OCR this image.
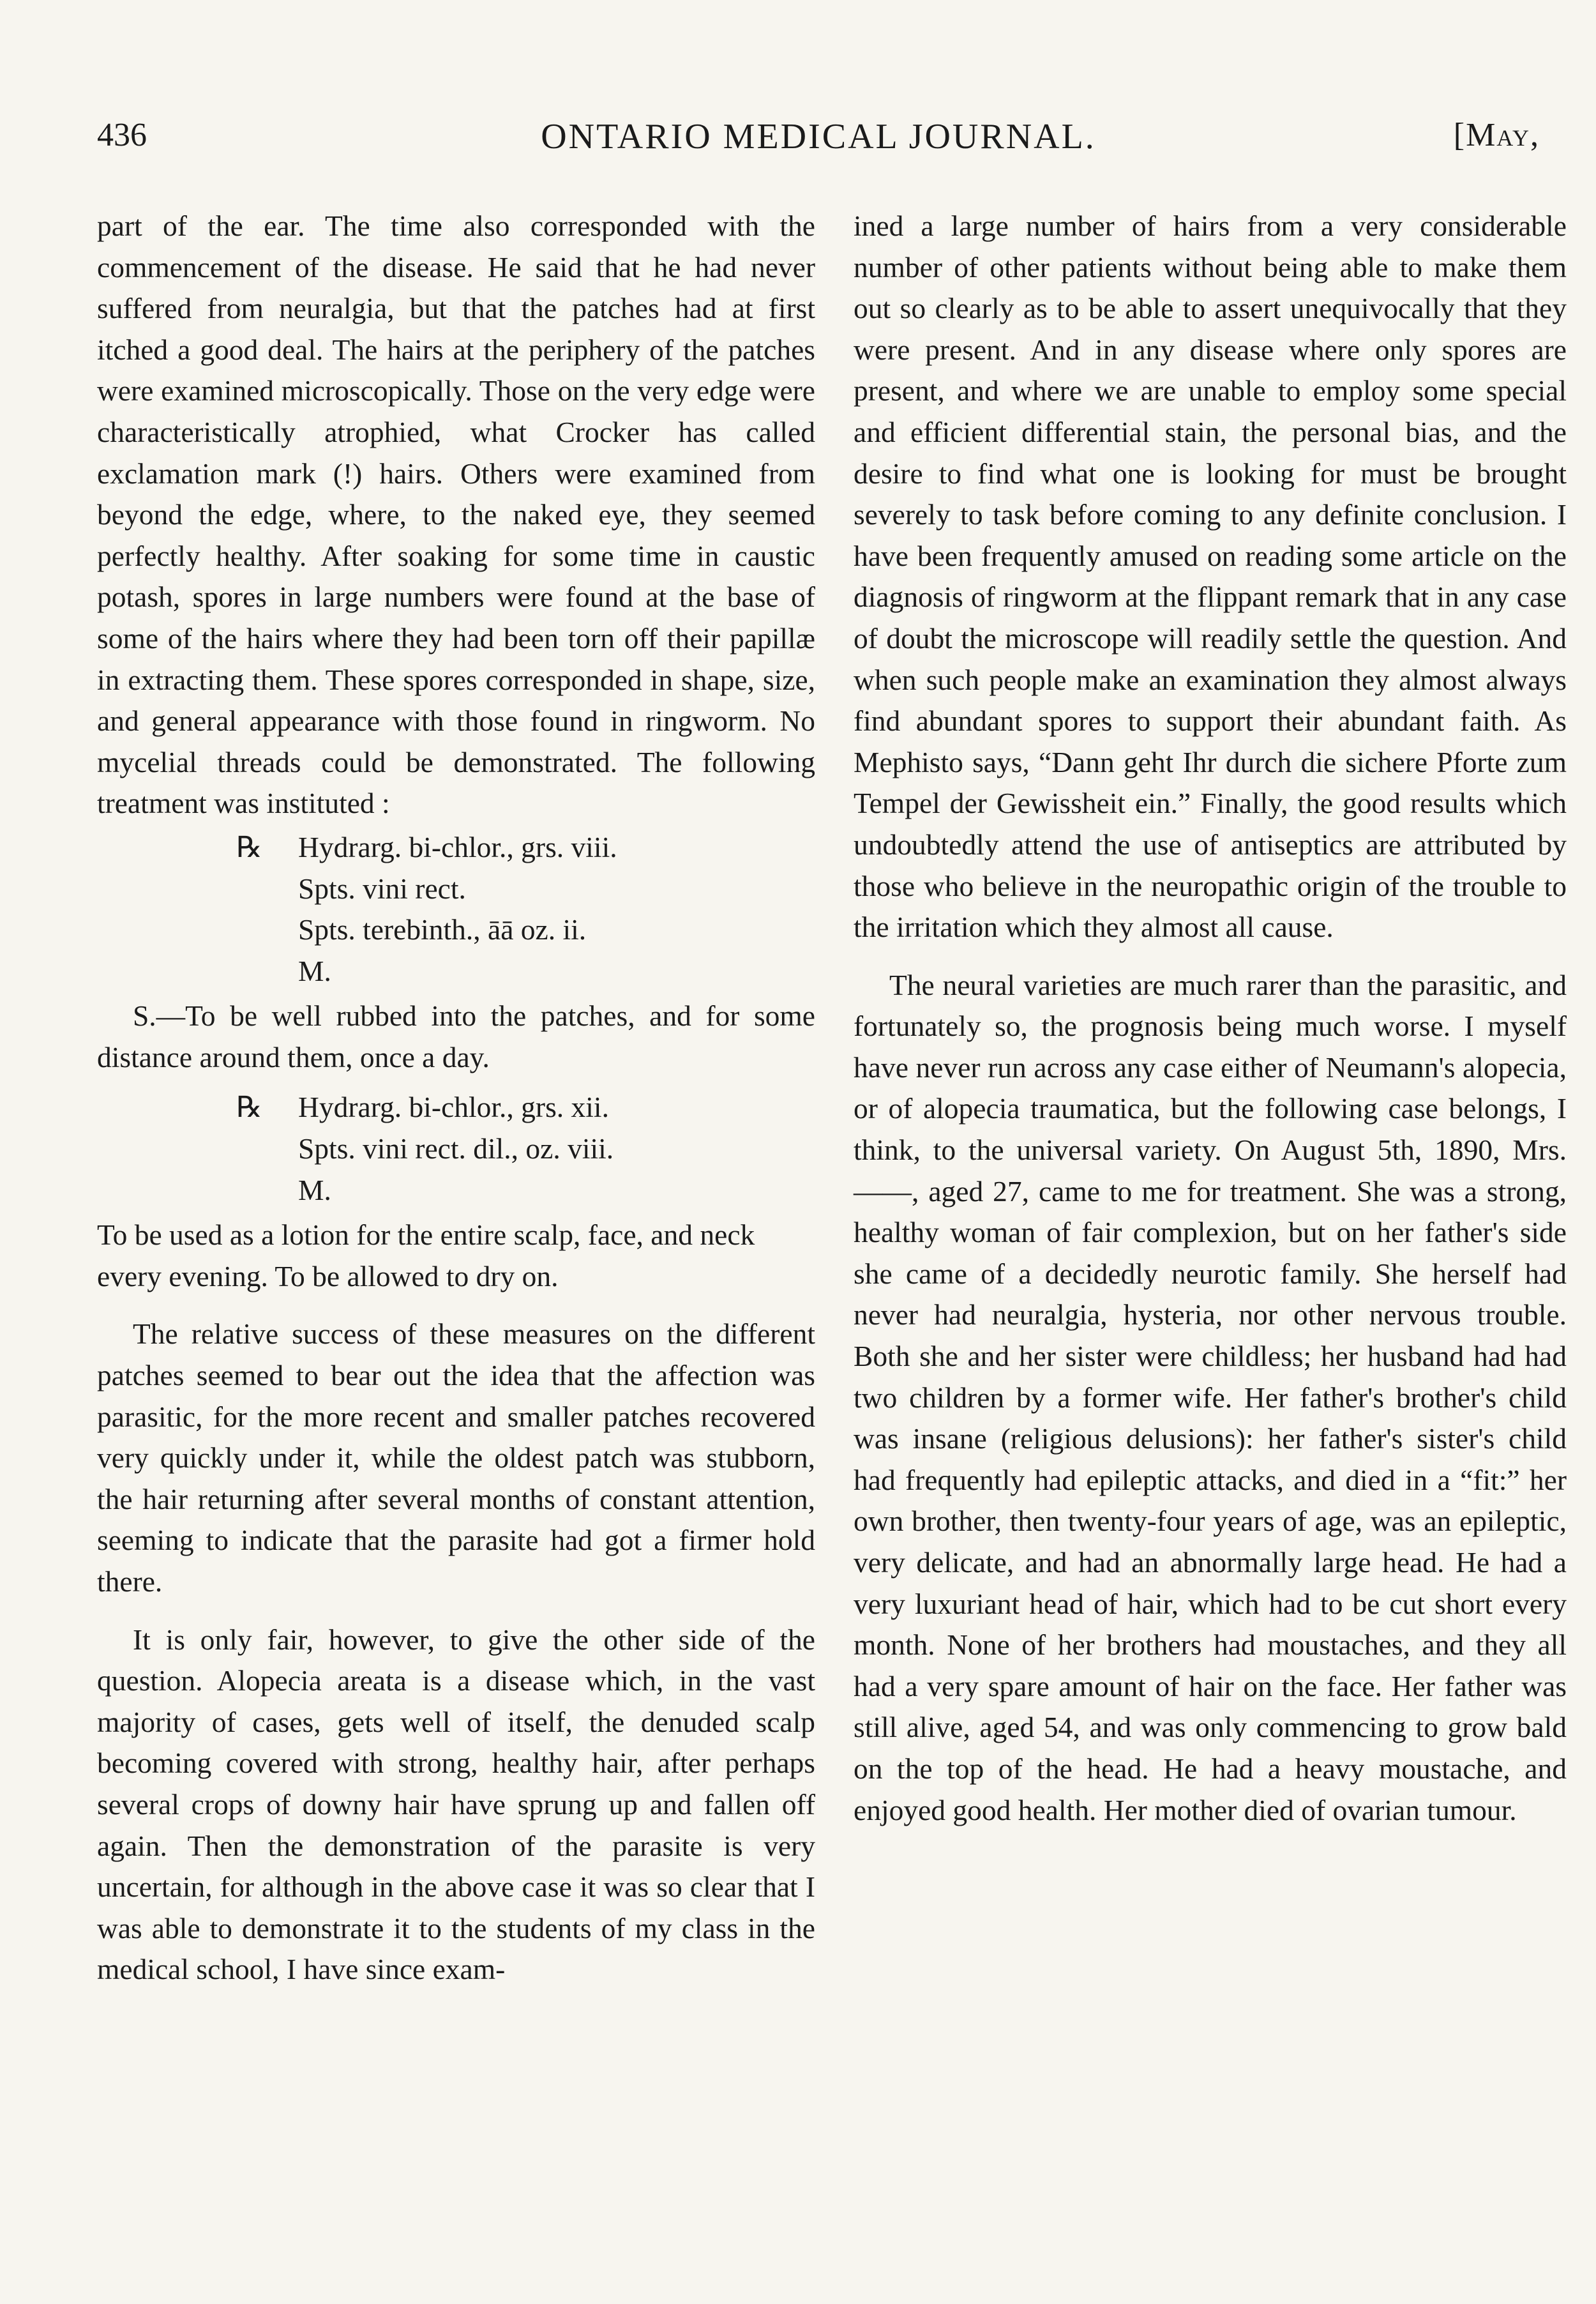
436	ONTARIO MEDICAL JOURNAL.	[May,

part of the ear. The time also corresponded with the commencement of the disease. He said that he had never suffered from neuralgia, but that the patches had at first itched a good deal. The hairs at the periphery of the patches were examined microscopically. Those on the very edge were characteristically atrophied, what Crocker has called exclamation mark (!) hairs. Others were examined from beyond the edge, where, to the naked eye, they seemed perfectly healthy. After soaking for some time in caustic potash, spores in large numbers were found at the base of some of the hairs where they had been torn off their papillæ in extracting them. These spores corresponded in shape, size, and general appearance with those found in ringworm. No mycelial threads could be demonstrated. The following treatment was instituted :

℞ Hydrarg. bi-chlor., grs. viii.
Spts. vini rect.
Spts. terebinth., āā oz. ii.
M.

S.—To be well rubbed into the patches, and for some distance around them, once a day.

℞ Hydrarg. bi-chlor., grs. xii.
Spts. vini rect. dil., oz. viii.
M.

To be used as a lotion for the entire scalp, face, and neck every evening. To be allowed to dry on.

The relative success of these measures on the different patches seemed to bear out the idea that the affection was parasitic, for the more recent and smaller patches recovered very quickly under it, while the oldest patch was stubborn, the hair returning after several months of constant attention, seeming to indicate that the parasite had got a firmer hold there.

It is only fair, however, to give the other side of the question. Alopecia areata is a disease which, in the vast majority of cases, gets well of itself, the denuded scalp becoming covered with strong, healthy hair, after perhaps several crops of downy hair have sprung up and fallen off again. Then the demonstration of the parasite is very uncertain, for although in the above case it was so clear that I was able to demonstrate it to the students of my class in the medical school, I have since exam-

ined a large number of hairs from a very considerable number of other patients without being able to make them out so clearly as to be able to assert unequivocally that they were present. And in any disease where only spores are present, and where we are unable to employ some special and efficient differential stain, the personal bias, and the desire to find what one is looking for must be brought severely to task before coming to any definite conclusion. I have been frequently amused on reading some article on the diagnosis of ringworm at the flippant remark that in any case of doubt the microscope will readily settle the question. And when such people make an examination they almost always find abundant spores to support their abundant faith. As Mephisto says, “Dann geht Ihr durch die sichere Pforte zum Tempel der Gewissheit ein.” Finally, the good results which undoubtedly attend the use of antiseptics are attributed by those who believe in the neuropathic origin of the trouble to the irritation which they almost all cause.

The neural varieties are much rarer than the parasitic, and fortunately so, the prognosis being much worse. I myself have never run across any case either of Neumann's alopecia, or of alopecia traumatica, but the following case belongs, I think, to the universal variety. On August 5th, 1890, Mrs. ——, aged 27, came to me for treatment. She was a strong, healthy woman of fair complexion, but on her father's side she came of a decidedly neurotic family. She herself had never had neuralgia, hysteria, nor other nervous trouble. Both she and her sister were childless; her husband had had two children by a former wife. Her father's brother's child was insane (religious delusions): her father's sister's child had frequently had epileptic attacks, and died in a “fit:” her own brother, then twenty-four years of age, was an epileptic, very delicate, and had an abnormally large head. He had a very luxuriant head of hair, which had to be cut short every month. None of her brothers had moustaches, and they all had a very spare amount of hair on the face. Her father was still alive, aged 54, and was only commencing to grow bald on the top of the head. He had a heavy moustache, and enjoyed good health. Her mother died of ovarian tumour.
